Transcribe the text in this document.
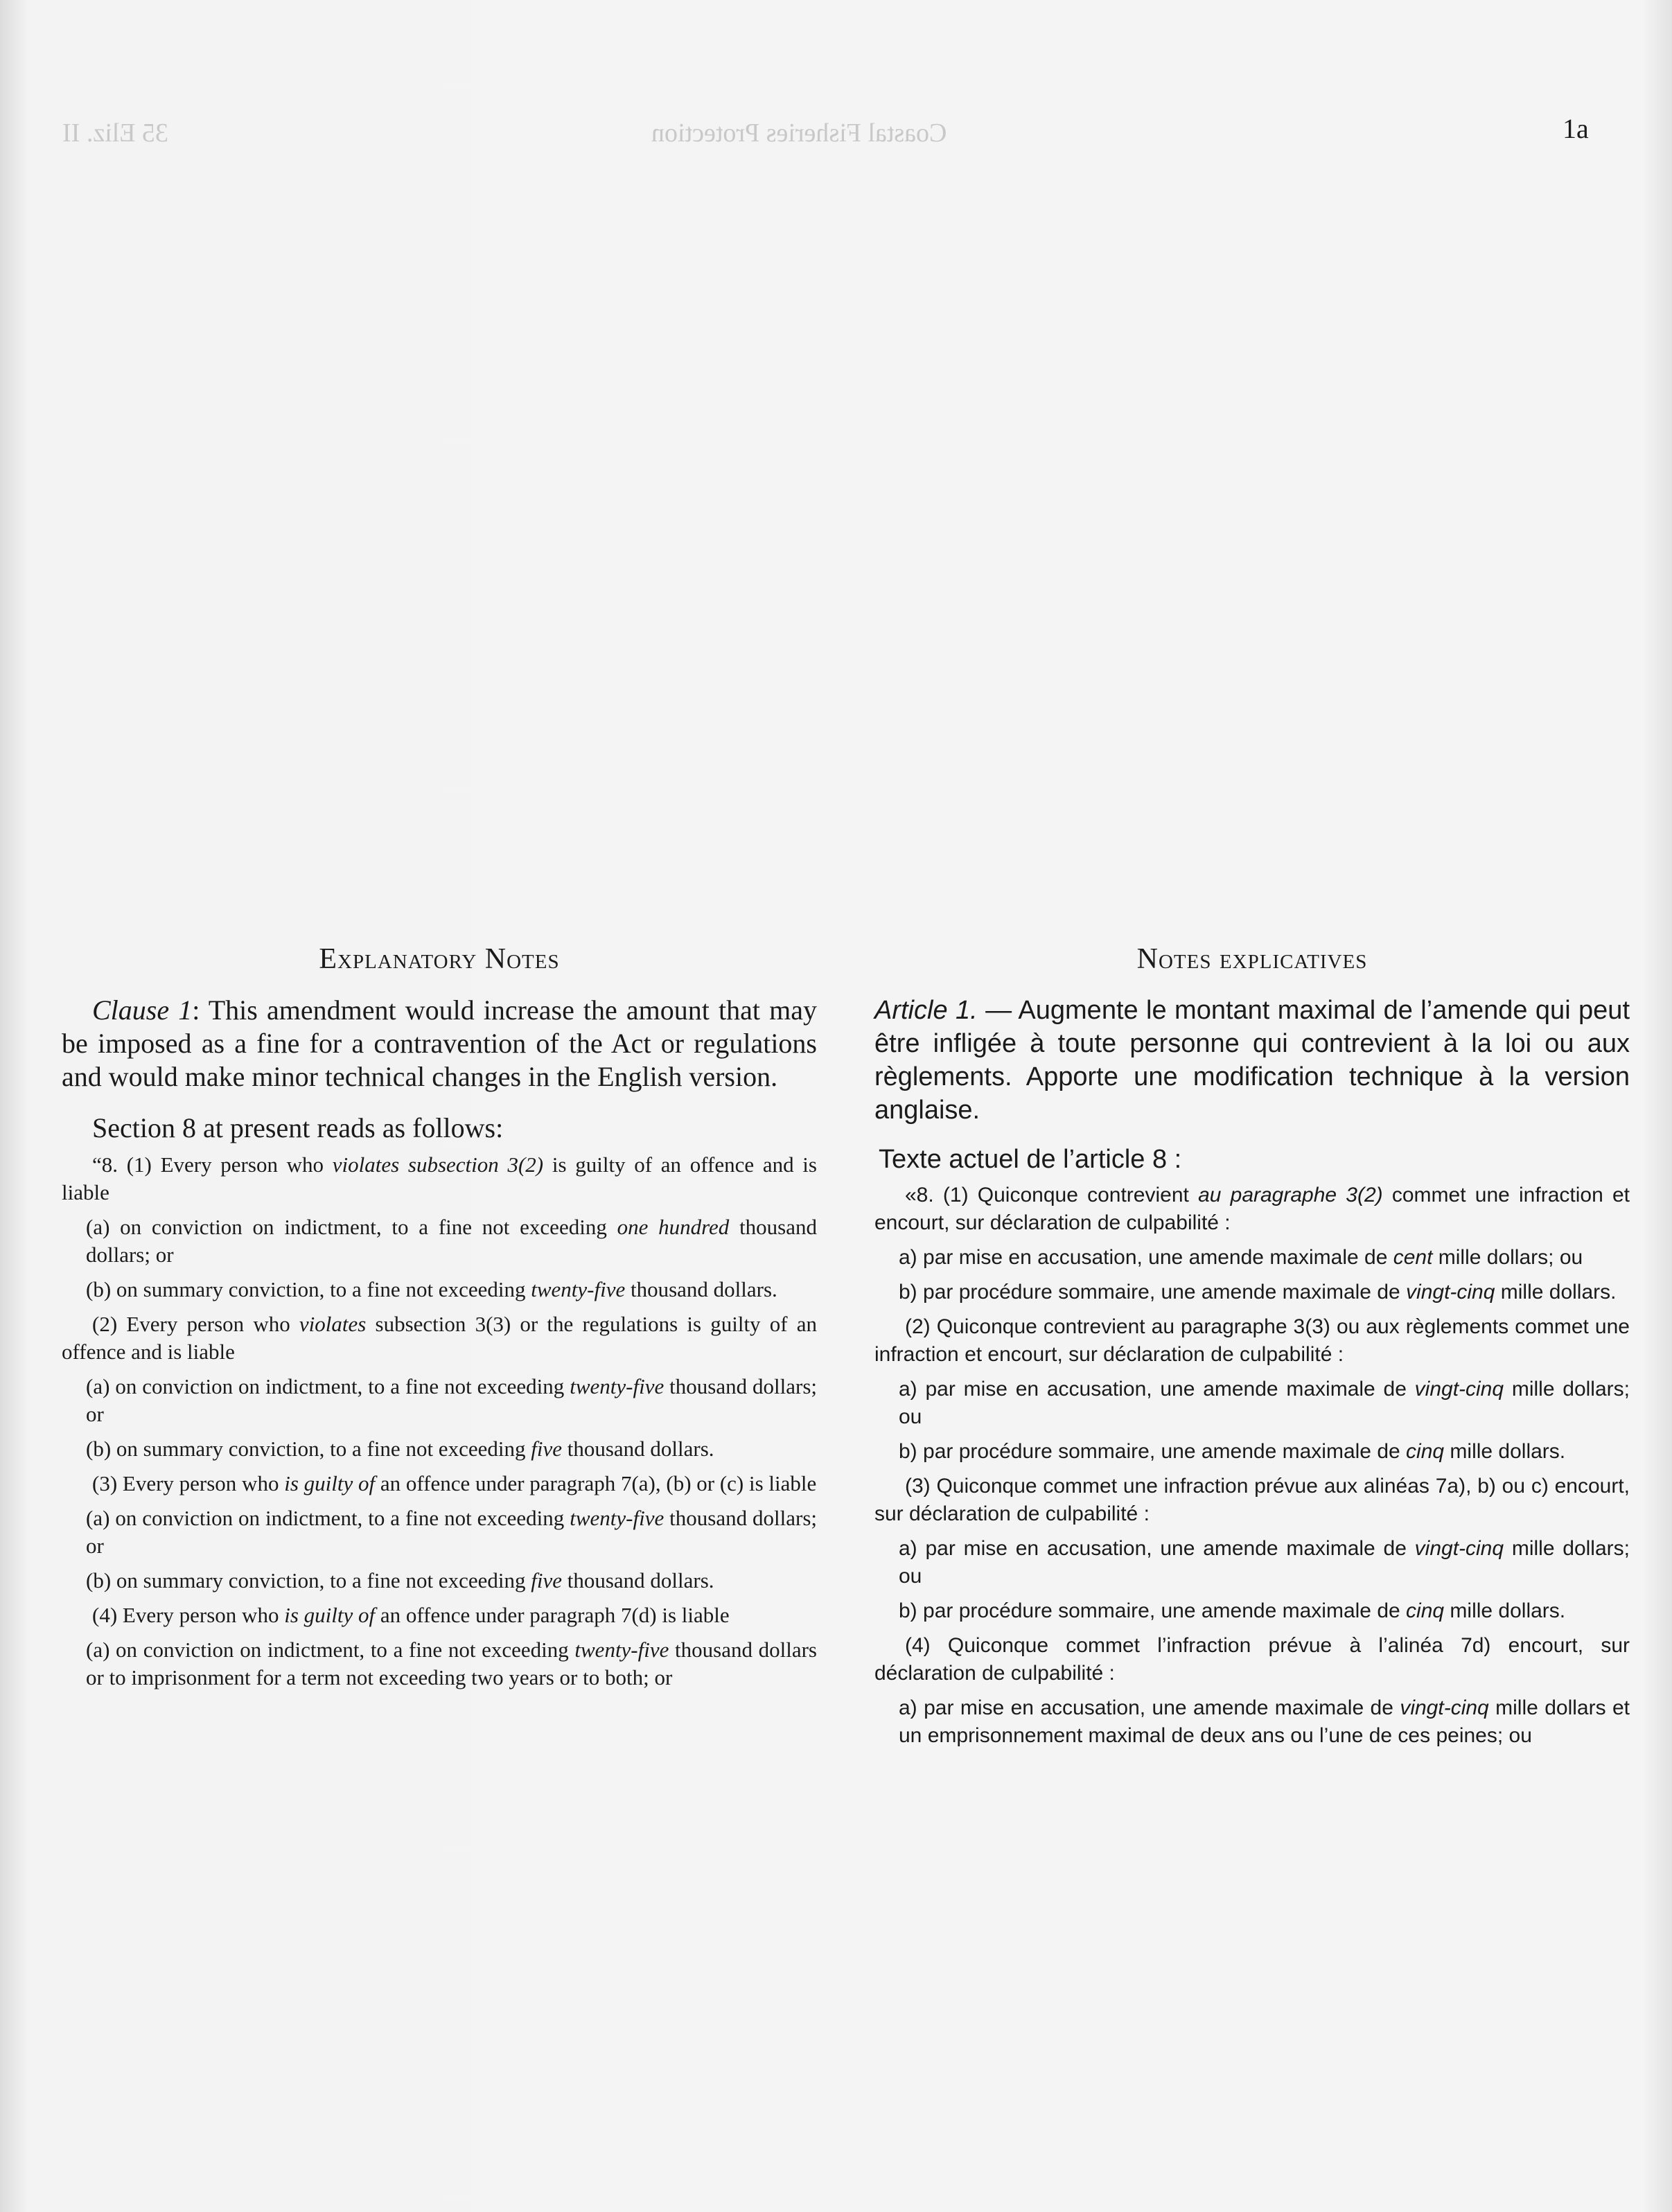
Coastal Fisheries Protection
35 Eliz. II	1a
Explanatory Notes

Clause 1: This amendment would increase the amount that may be imposed as a fine for a contravention of the Act or regulations and would make minor technical changes in the English version.

Section 8 at present reads as follows:

“8. (1) Every person who violates subsection 3(2) is guilty of an offence and is liable

(a) on conviction on indictment, to a fine not exceeding one hundred thousand dollars; or

(b) on summary conviction, to a fine not exceeding twenty-five thousand dollars.

(2) Every person who violates subsection 3(3) or the regulations is guilty of an offence and is liable

(a) on conviction on indictment, to a fine not exceeding twenty-five thousand dollars; or

(b) on summary conviction, to a fine not exceeding five thousand dollars.

(3) Every person who is guilty of an offence under paragraph 7(a), (b) or (c) is liable

(a) on conviction on indictment, to a fine not exceeding twenty-five thousand dollars; or

(b) on summary conviction, to a fine not exceeding five thousand dollars.

(4) Every person who is guilty of an offence under paragraph 7(d) is liable

(a) on conviction on indictment, to a fine not exceeding twenty-five thousand dollars or to imprisonment for a term not exceeding two years or to both; or

Notes explicatives

Article 1. — Augmente le montant maximal de l’amende qui peut être infligée à toute personne qui contrevient à la loi ou aux règlements. Apporte une modification technique à la version anglaise.

Texte actuel de l’article 8 :

«8. (1) Quiconque contrevient au paragraphe 3(2) commet une infraction et encourt, sur déclaration de culpabilité :

a) par mise en accusation, une amende maximale de cent mille dollars; ou

b) par procédure sommaire, une amende maximale de vingt-cinq mille dollars.

(2) Quiconque contrevient au paragraphe 3(3) ou aux règlements commet une infraction et encourt, sur déclaration de culpabilité :

a) par mise en accusation, une amende maximale de vingt-cinq mille dollars; ou

b) par procédure sommaire, une amende maximale de cinq mille dollars.

(3) Quiconque commet une infraction prévue aux alinéas 7a), b) ou c) encourt, sur déclaration de culpabilité :

a) par mise en accusation, une amende maximale de vingt-cinq mille dollars; ou

b) par procédure sommaire, une amende maximale de cinq mille dollars.

(4) Quiconque commet l’infraction prévue à l’alinéa 7d) encourt, sur déclaration de culpabilité :

a) par mise en accusation, une amende maximale de vingt-cinq mille dollars et un emprisonnement maximal de deux ans ou l’une de ces peines; ou
